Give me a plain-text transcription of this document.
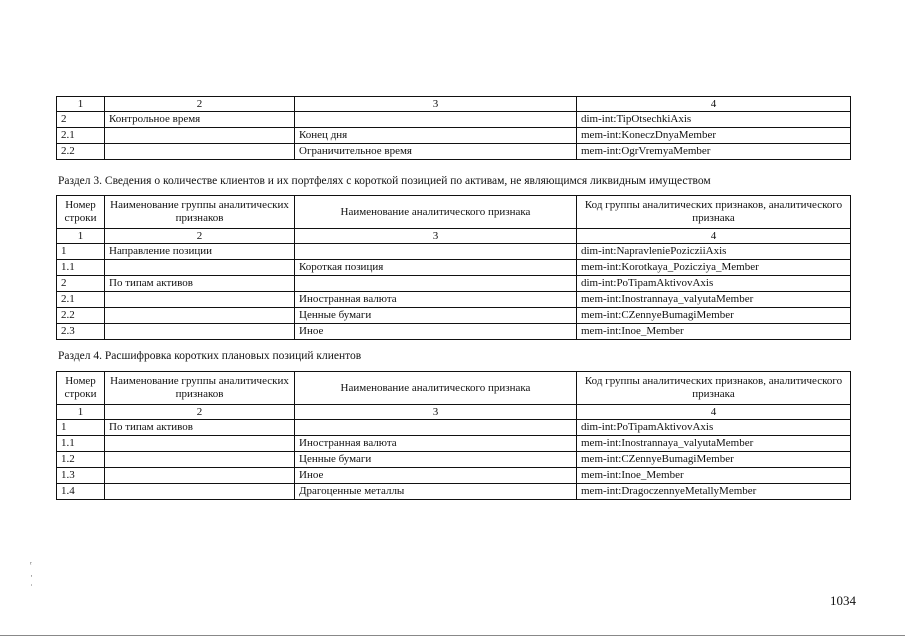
1	2	3	4
2	Контрольное время		dim-int:TipOtsechkiAxis
2.1		Конец дня	mem-int:KoneczDnyaMember
2.2		Ограничительное время	mem-int:OgrVremyaMember
Раздел 3. Сведения о количестве клиентов и их портфелях с короткой позицией по активам, не являющимся ликвидным имуществом
Номер строки	Наименование группы аналитических признаков	Наименование аналитического признака	Код группы аналитических признаков, аналитического признака
1	2	3	4
1	Направление позиции		dim-int:NapravleniePozicziiAxis
1.1		Короткая позиция	mem-int:Korotkaya_Pozicziya_Member
2	По типам активов		dim-int:PoTipamAktivovAxis
2.1		Иностранная валюта	mem-int:Inostrannaya_valyutaMember
2.2		Ценные бумаги	mem-int:CZennyeBumagiMember
2.3		Иное	mem-int:Inoe_Member
Раздел 4. Расшифровка коротких плановых позиций клиентов
Номер строки	Наименование группы аналитических признаков	Наименование аналитического признака	Код группы аналитических признаков, аналитического признака
1	2	3	4
1	По типам активов		dim-int:PoTipamAktivovAxis
1.1		Иностранная валюта	mem-int:Inostrannaya_valyutaMember
1.2		Ценные бумаги	mem-int:CZennyeBumagiMember
1.3		Иное	mem-int:Inoe_Member
1.4		Драгоценные металлы	mem-int:DragoczennyeMetallyMember
ʳ
·
˙
1034
